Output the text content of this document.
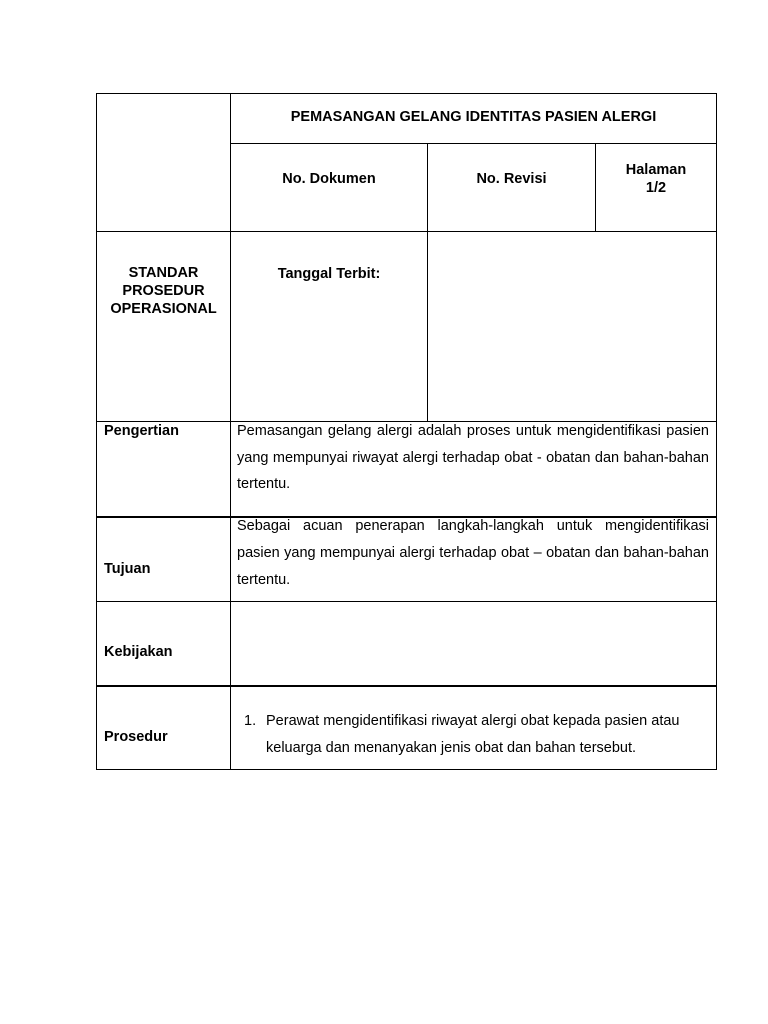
PEMASANGAN GELANG IDENTITAS PASIEN ALERGI
No. Dokumen	No. Revisi
Halaman
1/2
STANDAR
PROSEDUR
OPERASIONAL
Tanggal Terbit:
Pengertian	Pemasangan gelang alergi adalah proses untuk mengidentifikasi pasien yang mempunyai riwayat alergi terhadap obat - obatan dan bahan-bahan tertentu.
Tujuan
Sebagai acuan penerapan langkah-langkah untuk mengidentifikasi pasien yang mempunyai alergi terhadap obat – obatan dan bahan-bahan tertentu.
Kebijakan
Prosedur
1. Perawat mengidentifikasi riwayat alergi obat kepada pasien atau keluarga dan menanyakan jenis obat dan bahan tersebut.
